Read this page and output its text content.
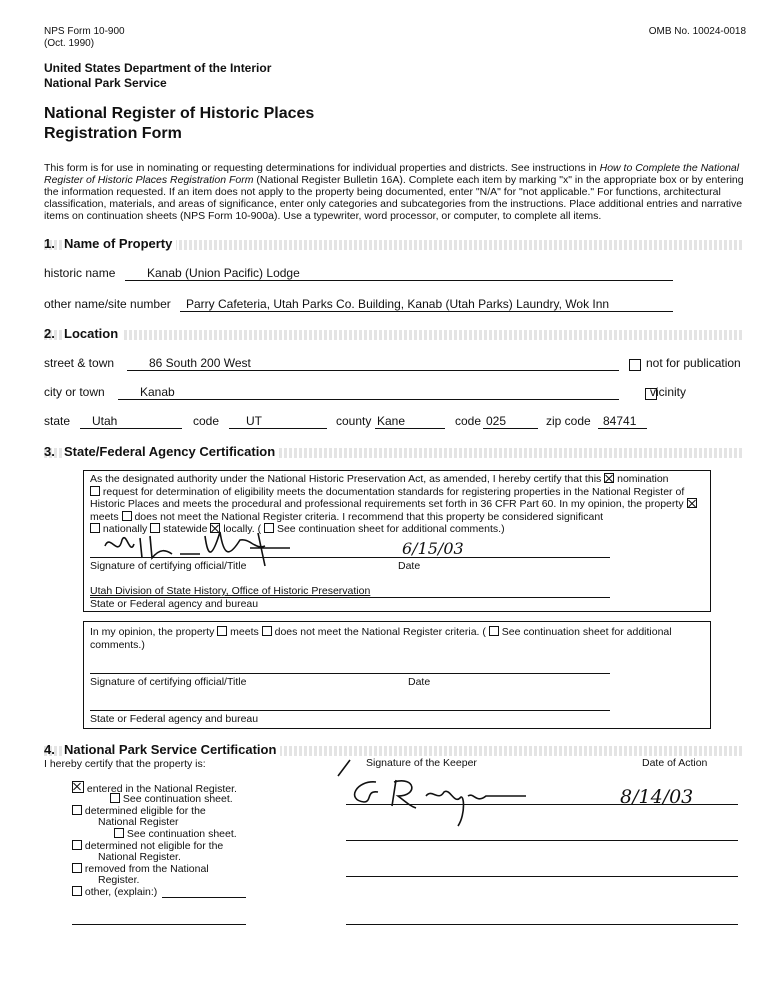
NPS Form 10-900
(Oct. 1990)
OMB No. 10024-0018
United States Department of the Interior
National Park Service
National Register of Historic Places
Registration Form
This form is for use in nominating or requesting determinations for individual properties and districts. See instructions in How to Complete the National Register of Historic Places Registration Form (National Register Bulletin 16A). Complete each item by marking "x" in the appropriate box or by entering the information requested. If an item does not apply to the property being documented, enter "N/A" for "not applicable." For functions, architectural classification, materials, and areas of significance, enter only categories and subcategories from the instructions. Place additional entries and narrative items on continuation sheets (NPS Form 10-900a). Use a typewriter, word processor, or computer, to complete all items.
1. Name of Property
historic name	Kanab (Union Pacific) Lodge
other name/site number Parry Cafeteria, Utah Parks Co. Building, Kanab (Utah Parks) Laundry, Wok Inn
2. Location
street & town	86 South 200 West
	not for publication
city or town	Kanab	vicinity
state Utah	code UT	county Kane	code 025	zip code 84741
3. State/Federal Agency Certification
As the designated authority under the National Historic Preservation Act, as amended, I hereby certify that this nomination
request for determination of eligibility meets the documentation standards for registering properties in the National Register of Historic Places and meets the procedural and professional requirements set forth in 36 CFR Part 60. In my opinion, the property  meets does not meet the National Register criteria. I recommend that this property be considered significant
nationally statewide locally. (  See continuation sheet for additional comments.)
6/15/03
Signature of certifying official/Title	Date
Utah Division of State History, Office of Historic Preservation
State or Federal agency and bureau
In my opinion, the property meets does not meet the National Register criteria. ( See continuation sheet for additional comments.)
Signature of certifying official/Title	Date
State or Federal agency and bureau
4. National Park Service Certification
I hereby certify that the property is:
entered in the National Register.
See continuation sheet.
determined eligible for the
National Register
See continuation sheet.
determined not eligible for the
National Register.
removed from the National
Register.
other, (explain:)
Signature of the Keeper	Date of Action
8/14/03
